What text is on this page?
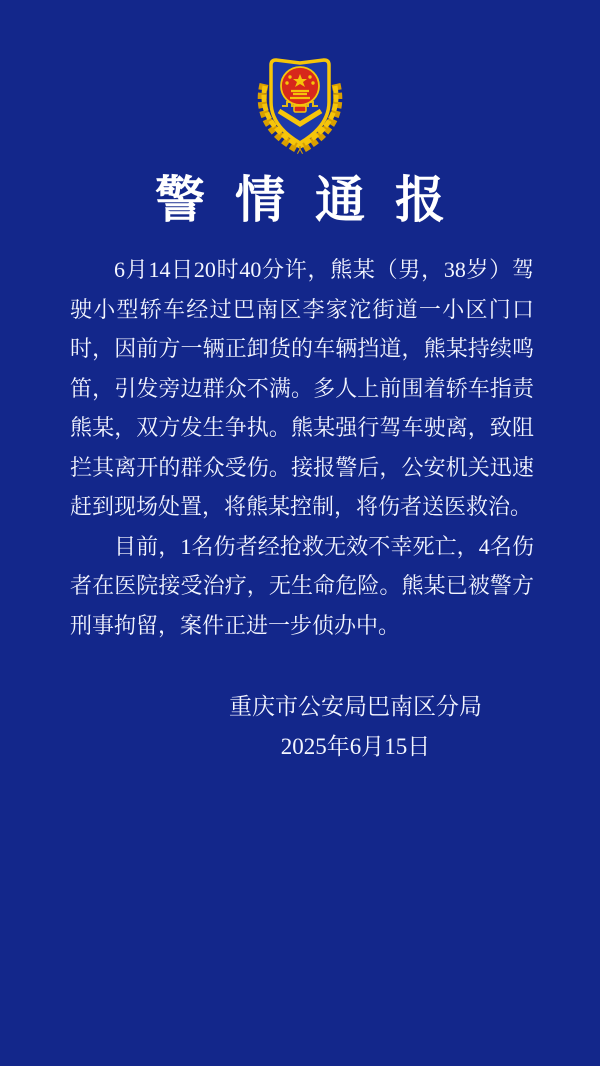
警情通报

6月14日20时40分许，熊某（男，38岁）驾驶小型轿车经过巴南区李家沱街道一小区门口时，因前方一辆正卸货的车辆挡道，熊某持续鸣笛，引发旁边群众不满。多人上前围着轿车指责熊某，双方发生争执。熊某强行驾车驶离，致阻拦其离开的群众受伤。接报警后，公安机关迅速赶到现场处置，将熊某控制，将伤者送医救治。

目前，1名伤者经抢救无效不幸死亡，4名伤者在医院接受治疗，无生命危险。熊某已被警方刑事拘留，案件正进一步侦办中。

重庆市公安局巴南区分局
2025年6月15日
